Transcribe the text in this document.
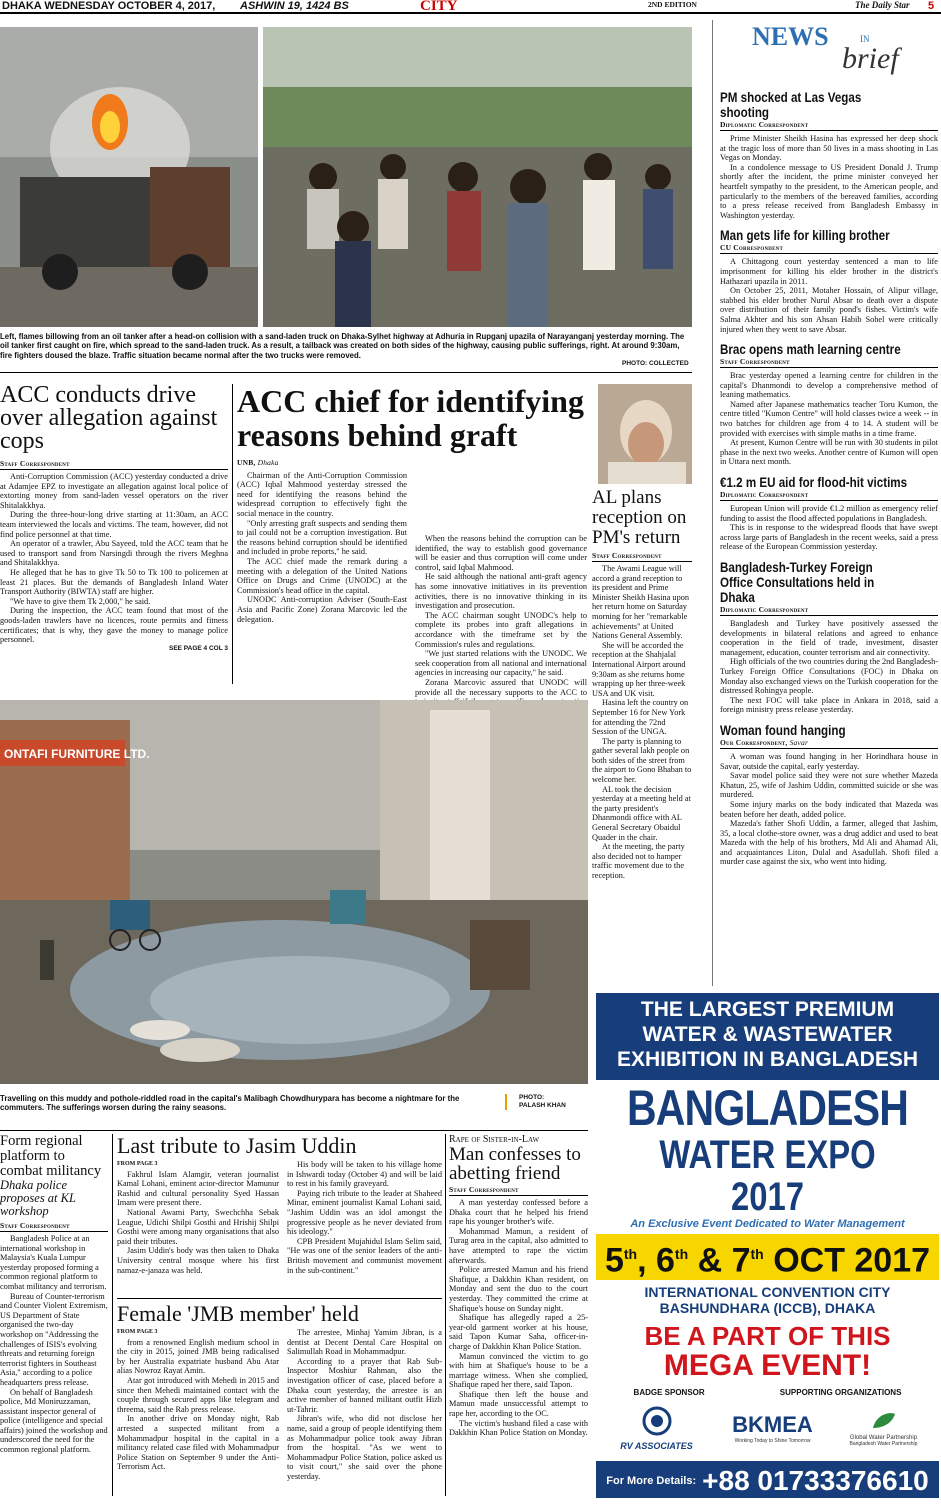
DHAKA WEDNESDAY OCTOBER 4, 2017, ASHWIN 19, 1424 BS	CITY	2ND EDITION	The Daily Star 5
Left, flames billowing from an oil tanker after a head-on collision with a sand-laden truck on Dhaka-Sylhet highway at Adhuria in Rupganj upazila of Narayanganj yesterday morning. The oil tanker first caught on fire, which spread to the sand-laden truck. As a result, a tailback was created on both sides of the highway, causing public sufferings, right. At around 9:30am, fire fighters doused the blaze. Traffic situation became normal after the two trucks were removed.
PHOTO: COLLECTED
ACC conducts drive over allegation against cops
Staff Correspondent

Anti-Corruption Commission (ACC) yesterday conducted a drive at Adamjee EPZ to investigate an allegation against local police of extorting money from sand-laden vessel operators on the river Shitalakkhya.

During the three-hour-long drive starting at 11:30am, an ACC team interviewed the locals and victims. The team, however, did not find police personnel at that time.

An operator of a trawler, Abu Sayeed, told the ACC team that he used to transport sand from Narsingdi through the rivers Meghna and Shitalakkhya.

He alleged that he has to give Tk 50 to Tk 100 to policemen at least 21 places. But the demands of Bangladesh Inland Water Transport Authority (BIWTA) staff are higher.

"We have to give them Tk 2,000," he said.

During the inspection, the ACC team found that most of the goods-laden trawlers have no licences, route permits and fitness certificates; that is why, they gave the money to manage police personnel.

SEE PAGE 4 COL 3
ACC chief for identifying reasons behind graft
UNB, Dhaka

Chairman of the Anti-Corruption Commission (ACC) Iqbal Mahmood yesterday stressed the need for identifying the reasons behind the widespread corruption to effectively fight the social menace in the country.

"Only arresting graft suspects and sending them to jail could not be a corruption investigation. But the reasons behind corruption should be identified and included in probe reports," he said.

The ACC chief made the remark during a meeting with a delegation of the United Nations Office on Drugs and Crime (UNODC) at the Commission's head office in the capital.

UNODC Anti-corruption Adviser (South-East Asia and Pacific Zone) Zorana Marcovic led the delegation.

When the reasons behind the corruption can be identified, the way to establish good governance will be easier and thus corruption will come under control, said Iqbal Mahmood.

He said although the national anti-graft agency has some innovative initiatives in its prevention activities, there is no innovative thinking in its investigation and prosecution.

The ACC chairman sought UNODC's help to complete its probes into graft allegations in accordance with the timeframe set by the Commission's rules and regulations.

"We just started relations with the UNODC. We seek cooperation from all national and international agencies in increasing our capacity," he said.

Zorana Marcovic assured that UNODC will provide all the necessary supports to the ACC to

AL plans reception on PM's return
Staff Correspondent

The Awami League will accord a grand reception to its president and Prime Minister Sheikh Hasina upon her return home on Saturday morning for her "remarkable achievements" at United Nations General Assembly.

She will be accorded the reception at the Shahjalal International Airport around 9:30am as she returns home wrapping up her three-week USA and UK visit.

Hasina left the country on September 16 for New York for attending the 72nd Session of the UNGA.

The party is planning to gather several lakh people on both sides of the street from the airport to Gono Bhaban to welcome her.

AL took the decision yesterday at a meeting held at the party president's Dhanmondi office with AL General Secretary Obaidul Quader in the chair.

At the meeting, the party also decided not to hamper traffic movement due to the reception.

ONTAFI FURNITURE LTD.
Travelling on this muddy and pothole-riddled road in the capital's Malibagh Chowdhurypara has become a nightmare for the commuters. The sufferings worsen during the rainy seasons.
PHOTO:
PALASH KHAN
Form regional platform to combat militancy
Dhaka police proposes at KL workshop
Staff Correspondent

Bangladesh Police at an international workshop in Malaysia's Kuala Lumpur yesterday proposed forming a common regional platform to combat militancy and terrorism.

Bureau of Counter-terrorism and Counter Violent Extremism, US Department of State organised the two-day workshop on "Addressing the challenges of ISIS's evolving threats and returning foreign terrorist fighters in Southeast Asia," according to a police headquarters press release.

On behalf of Bangladesh police, Md Moniruzzaman, assistant inspector general of police (intelligence and special affairs) joined the workshop and underscored the need for the common regional platform.

Last tribute to Jasim Uddin
FROM PAGE 3

Fakhrul Islam Alamgir, veteran journalist Kamal Lohani, eminent actor-director Mamunur Rashid and cultural personality Syed Hassan Imam were present there.

National Awami Party, Swechchha Sebak League, Udichi Shilpi Gosthi and Hrishij Shilpi Gosthi were among many organisations that also paid their tributes.

Jasim Uddin's body was then taken to Dhaka University central mosque where his first namaz-e-janaza was held.

His body will be taken to his village home in Ishwardi today (October 4) and will be laid to rest in his family graveyard.

Paying rich tribute to the leader at Shaheed Minar, eminent journalist Kamal Lohani said, "Jashim Uddin was an idol amongst the progressive people as he never deviated from his ideology."

CPB President Mujahidul Islam Selim said, "He was one of the senior leaders of the anti-British movement and communist movement in the sub-continent."

Female 'JMB member' held
FROM PAGE 3

from a renowned English medium school in the city in 2015, joined JMB being radicalised by her Australia expatriate husband Abu Atar alias Nowroz Rayat Amin.

Atar got introduced with Mehedi in 2015 and since then Mehedi maintained contact with the couple through secured apps like telegram and threema, said the Rab press release.

In another drive on Monday night, Rab arrested a suspected militant from a Mohammadpur hospital in the capital in a militancy related case filed with Mohammadpur Police Station on September 9 under the Anti-Terrorism Act.

The arrestee, Minhaj Yamim Jibran, is a dentist at Decent Dental Care Hospital on Salimullah Road in Mohammadpur.

According to a prayer that Rab Sub-Inspector Moshiur Rahman, also the investigation officer of case, placed before a Dhaka court yesterday, the arrestee is an active member of banned militant outfit Hizb ut-Tahrir.

Jibran's wife, who did not disclose her name, said a group of people identifying them as Mohammadpur police took away Jibran from the hospital. "As we went to Mohammadpur Police Station, police asked us to visit court," she said over the phone yesterday.

Rape of Sister-in-Law
Man confesses to abetting friend
Staff Correspondent

A man yesterday confessed before a Dhaka court that he helped his friend rape his younger brother's wife.

Mohammad Mamun, a resident of Turag area in the capital, also admitted to have attempted to rape the victim afterwards.

Police arrested Mamun and his friend Shafique, a Dakkhin Khan resident, on Monday and sent the duo to the court yesterday. They committed the crime at Shafique's house on Sunday night.

Shafique has allegedly raped a 25-year-old garment worker at his house, said Tapon Kumar Saha, officer-in-charge of Dakkhin Khan Police Station.

Mamun convinced the victim to go with him at Shafique's house to be a marriage witness. When she complied, Shafique raped her there, said Tapon.

Shafique then left the house and Mamun made unsuccessful attempt to rape her, according to the OC.

The victim's husband filed a case with Dakkhin Khan Police Station on Monday.

NEWS	IN
brief
PM shocked at Las Vegas shooting
Diplomatic Correspondent

Prime Minister Sheikh Hasina has expressed her deep shock at the tragic loss of more than 50 lives in a mass shooting in Las Vegas on Monday.

In a condolence message to US President Donald J. Trump shortly after the incident, the prime minister conveyed her heartfelt sympathy to the president, to the American people, and particularly to the members of the bereaved families, according to a press release received from Bangladesh Embassy in Washington yesterday.

Man gets life for killing brother
CU Correspondent

A Chittagong court yesterday sentenced a man to life imprisonment for killing his elder brother in the district's Hathazari upazila in 2011.

On October 25, 2011, Motaher Hossain, of Alipur village, stabbed his elder brother Nurul Absar to death over a dispute over distribution of their family pond's fishes. Victim's wife Salma Akhter and his son Ahsan Habib Sohel were critically injured when they went to save Absar.

Brac opens math learning centre
Staff Correspondent

Brac yesterday opened a learning centre for children in the capital's Dhanmondi to develop a comprehensive method of leaning mathematics.

Named after Japanese mathematics teacher Toru Kumon, the centre titled "Kumon Centre" will hold classes twice a week -- in two batches for children age from 4 to 14. A student will be provided with exercises with simple maths in a time frame.

At present, Kumon Centre will be run with 30 students in pilot phase in the next two weeks. Another centre of Kumon will open in Uttara next month.

€1.2 m EU aid for flood-hit victims
Diplomatic Correspondent

European Union will provide €1.2 million as emergency relief funding to assist the flood affected populations in Bangladesh.

This is in response to the widespread floods that have swept across large parts of Bangladesh in the recent weeks, said a press release of the European Commission yesterday.

Bangladesh-Turkey Foreign Office Consultations held in Dhaka
Diplomatic Correspondent

Bangladesh and Turkey have positively assessed the developments in bilateral relations and agreed to enhance cooperation in the field of trade, investment, disaster management, education, counter terrorism and air connectivity.

High officials of the two countries during the 2nd Bangladesh-Turkey Foreign Office Consultations (FOC) in Dhaka on Monday also exchanged views on the Turkish cooperation for the distressed Rohingya people.

The next FOC will take place in Ankara in 2018, said a foreign ministry press release yesterday.

Woman found hanging
Our Correspondent, Savar

A woman was found hanging in her Horindhara house in Savar, outside the capital, early yesterday.

Savar model police said they were not sure whether Mazeda Khatun, 25, wife of Jashim Uddin, committed suicide or she was murdered.

Some injury marks on the body indicated that Mazeda was beaten before her death, added police.

Mazeda's father Shofi Uddin, a farmer, alleged that Jashim, 35, a local clothe-store owner, was a drug addict and used to beat Mazeda with the help of his brothers, Md Ali and Ahamad Ali, and acquaintances Liton, Dulal and Asadullah. Shofi filed a murder case against the six, who went into hiding.

THE LARGEST PREMIUM
WATER & WASTEWATER
EXHIBITION IN BANGLADESH
BANGLADESH
WATER EXPO 2017
An Exclusive Event Dedicated to Water Management
5th, 6th & 7th OCT 2017
INTERNATIONAL CONVENTION CITY
BASHUNDHARA (ICCB), DHAKA
BE A PART OF THIS
MEGA EVENT!
BADGE SPONSOR	SUPPORTING ORGANIZATIONS
RV ASSOCIATES
BKMEA
Working Today to Shine Tomorrow
Global Water Partnership
Bangladesh Water Partnership
For More Details: +88 01733376610
Email: info@watertoday.org Web: www.bangladeshwaterexpo.biz
